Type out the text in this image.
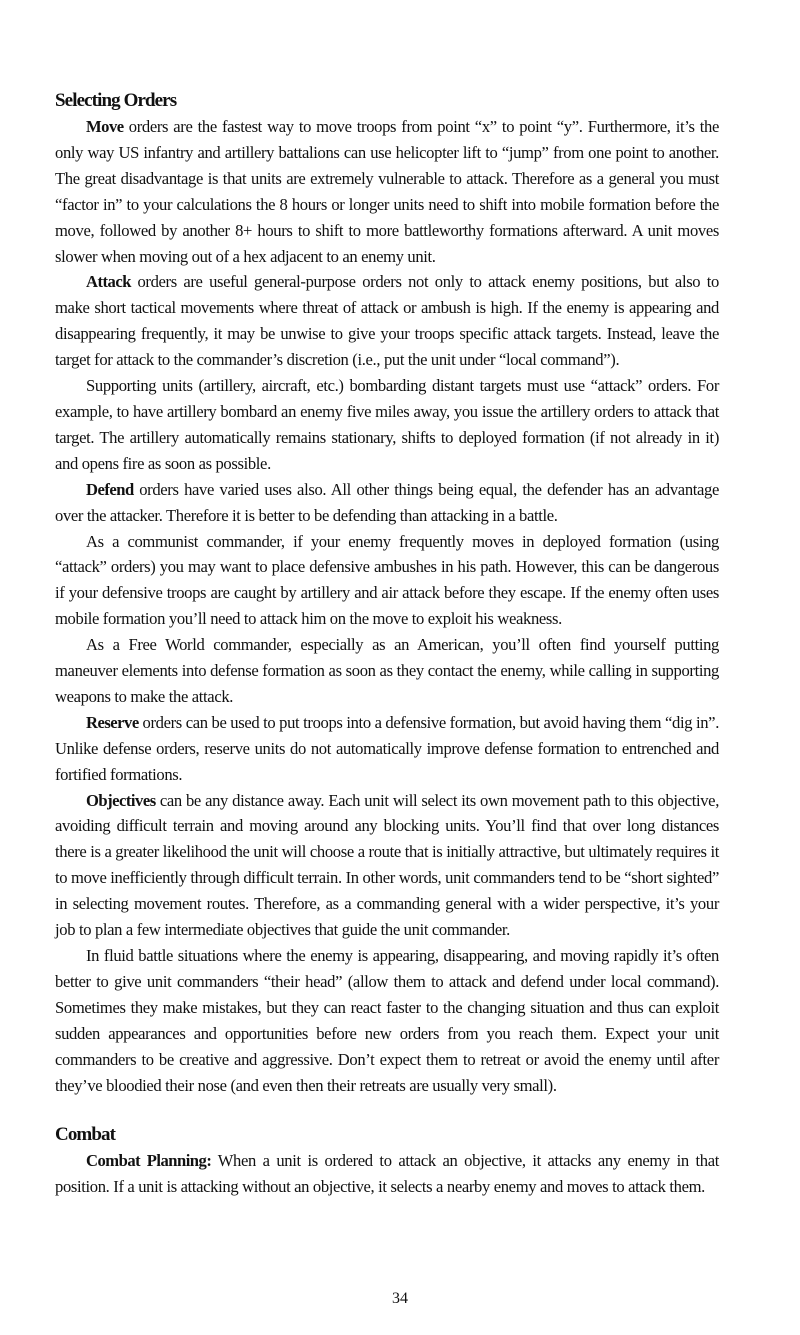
Selecting Orders

Move orders are the fastest way to move troops from point “x” to point “y”. Furthermore, it’s the only way US infantry and artillery battalions can use helicopter lift to “jump” from one point to another. The great disadvantage is that units are extremely vulnerable to attack. Therefore as a general you must “factor in” to your calculations the 8 hours or longer units need to shift into mobile formation before the move, followed by another 8+ hours to shift to more battleworthy formations afterward. A unit moves slower when moving out of a hex adjacent to an enemy unit.

Attack orders are useful general-purpose orders not only to attack enemy positions, but also to make short tactical movements where threat of attack or ambush is high. If the enemy is appearing and disappearing frequently, it may be unwise to give your troops specific attack targets. Instead, leave the target for attack to the commander’s discretion (i.e., put the unit under “local command”).

Supporting units (artillery, aircraft, etc.) bombarding distant targets must use “attack” orders. For example, to have artillery bombard an enemy five miles away, you issue the artillery orders to attack that target. The artillery automatically remains stationary, shifts to deployed formation (if not already in it) and opens fire as soon as possible.

Defend orders have varied uses also. All other things being equal, the defender has an advantage over the attacker. Therefore it is better to be defending than attacking in a battle.

As a communist commander, if your enemy frequently moves in deployed formation (using “attack” orders) you may want to place defensive ambushes in his path. However, this can be dangerous if your defensive troops are caught by artillery and air attack before they escape. If the enemy often uses mobile formation you’ll need to attack him on the move to exploit his weakness.

As a Free World commander, especially as an American, you’ll often find yourself putting maneuver elements into defense formation as soon as they contact the enemy, while calling in supporting weapons to make the attack.

Reserve orders can be used to put troops into a defensive formation, but avoid having them “dig in”. Unlike defense orders, reserve units do not automatically improve defense formation to entrenched and fortified formations.

Objectives can be any distance away. Each unit will select its own movement path to this objective, avoiding difficult terrain and moving around any blocking units. You’ll find that over long distances there is a greater likelihood the unit will choose a route that is initially attractive, but ultimately requires it to move inefficiently through difficult terrain. In other words, unit commanders tend to be “short sighted” in selecting movement routes. Therefore, as a commanding general with a wider perspective, it’s your job to plan a few intermediate objectives that guide the unit commander.

In fluid battle situations where the enemy is appearing, disappearing, and moving rapidly it’s often better to give unit commanders “their head” (allow them to attack and defend under local command). Sometimes they make mistakes, but they can react faster to the changing situation and thus can exploit sudden appearances and opportunities before new orders from you reach them. Expect your unit commanders to be creative and aggressive. Don’t expect them to retreat or avoid the enemy until after they’ve bloodied their nose (and even then their retreats are usually very small).

Combat

Combat Planning: When a unit is ordered to attack an objective, it attacks any enemy in that position. If a unit is attacking without an objective, it selects a nearby enemy and moves to attack them.

34
